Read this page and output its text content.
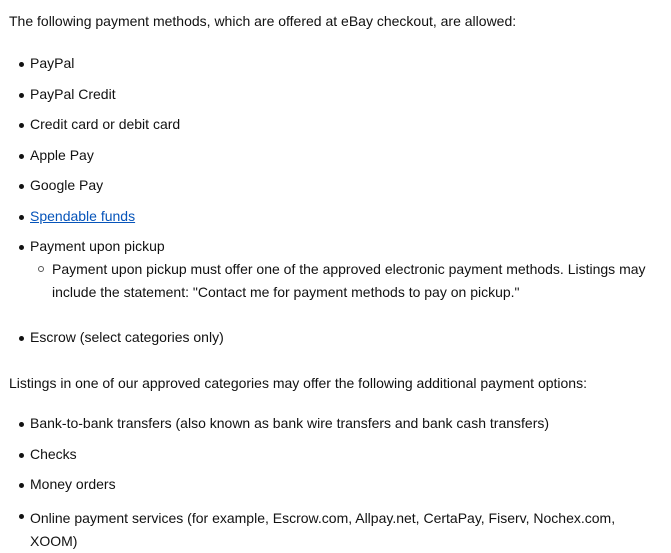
The following payment methods, which are offered at eBay checkout, are allowed:

PayPal

PayPal Credit

Credit card or debit card

Apple Pay

Google Pay

Spendable funds

Payment upon pickup

Payment upon pickup must offer one of the approved electronic payment methods. Listings may include the statement: "Contact me for payment methods to pay on pickup."

Escrow (select categories only)

Listings in one of our approved categories may offer the following additional payment options:

Bank-to-bank transfers (also known as bank wire transfers and bank cash transfers)

Checks

Money orders

Online payment services (for example, Escrow.com, Allpay.net, CertaPay, Fiserv, Nochex.com, XOOM)
